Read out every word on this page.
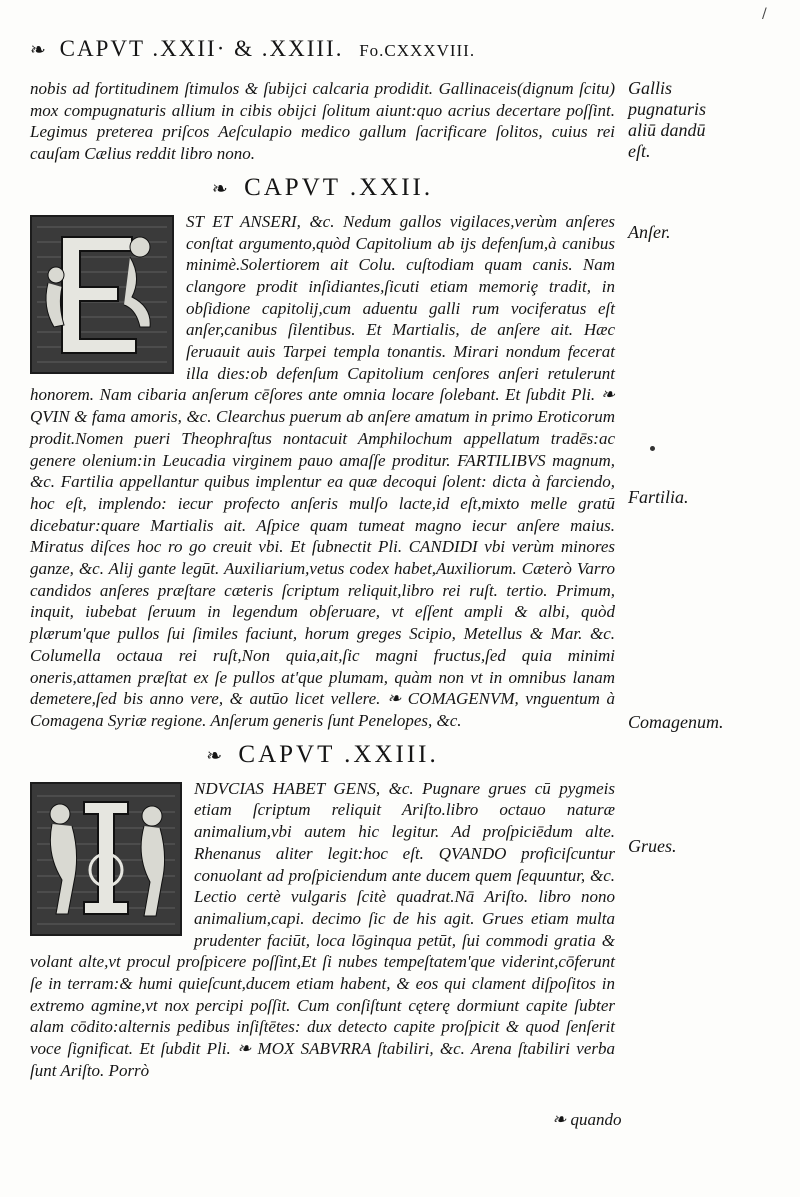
/
❧ CAPVT .XXII· & .XXIII. Fo.CXXXVIII.

nobis ad fortitudinem ſtimulos & ſubijci calcaria prodidit. Gallinaceis(dignum ſcitu) mox compugnaturis allium in cibis obijci ſolitum aiunt:quo acrius decertare poſſint. Legimus preterea priſcos Aeſculapio medico gallum ſacrificare ſolitos, cuius rei cauſam Cælius reddit libro nono.

❧ CAPVT .XXII.

ST ET ANSERI, &c. Nedum gallos vigilaces,verùm anſeres conſtat argumento,quòd Capitolium ab ijs defenſum,à canibus minimè.Solertiorem ait Colu. cuſtodiam quam canis. Nam clangore prodit inſidiantes,ſicuti etiam memoriȩ tradit, in obſidione capitolij,cum aduentu galli rum vociferatus eſt anſer,canibus ſilentibus. Et Martialis, de anſere ait. Hæc ſeruauit auis Tarpei templa tonantis. Mirari nondum fecerat illa dies:ob defenſum Capitolium cenſores anſeri retulerunt honorem. Nam cibaria anſerum cēſores ante omnia locare ſolebant. Et ſubdit Pli. ❧ QVIN & fama amoris, &c. Clearchus puerum ab anſere amatum in primo Eroticorum prodit.Nomen pueri Theophraſtus nontacuit Amphilochum appellatum tradēs:ac genere olenium:in Leucadia virginem pauo amaſſe proditur. FARTILIBVS magnum, &c. Fartilia appellantur quibus implentur ea quæ decoqui ſolent: dicta à farciendo, hoc eſt, implendo: iecur profecto anſeris mulſo lacte,id eſt,mixto melle gratū dicebatur:quare Martialis ait. Aſpice quam tumeat magno iecur anſere maius. Miratus diſces hoc ro go creuit vbi. Et ſubnectit Pli. CANDIDI vbi verùm minores ganze, &c. Alij gante legūt. Auxiliarium,vetus codex habet,Auxiliorum. Cæterò Varro candidos anſeres præſtare cæteris ſcriptum reliquit,libro rei ruſt. tertio. Primum, inquit, iubebat ſeruum in legendum obſeruare, vt eſſent ampli & albi, quòd plærum'que pullos ſui ſimiles faciunt, horum greges Scipio, Metellus & Mar. &c. Columella octaua rei ruſt,Non quia,ait,ſic magni fructus,ſed quia minimi oneris,attamen præſtat ex ſe pullos at'que plumam, quàm non vt in omnibus lanam demetere,ſed bis anno vere, & autūo licet vellere. ❧ COMAGENVM, vnguentum à Comagena Syriæ regione. Anſerum generis ſunt Penelopes, &c.

❧ CAPVT .XXIII.

NDVCIAS HABET GENS, &c. Pugnare grues cū pygmeis etiam ſcriptum reliquit Ariſto.libro octauo naturæ animalium,vbi autem hic legitur. Ad proſpiciēdum alte. Rhenanus aliter legit:hoc eſt. QVANDO proficiſcuntur conuolant ad proſpiciendum ante ducem quem ſequuntur, &c. Lectio certè vulgaris ſcitè quadrat.Nā Ariſto. libro nono animalium,capi. decimo ſic de his agit. Grues etiam multa prudenter faciūt, loca lōginqua petūt, ſui commodi gratia & volant alte,vt procul proſpicere poſſint,Et ſi nubes tempeſtatem'que viderint,cōferunt ſe in terram:& humi quieſcunt,ducem etiam habent, & eos qui clament diſpoſitos in extremo agmine,vt nox percipi poſſit. Cum conſiſtunt cęterę dormiunt capite ſubter alam cōdito:alternis pedibus inſiſtētes: dux detecto capite proſpicit & quod ſenſerit voce ſignificat. Et ſubdit Pli. ❧ MOX SABVRRA ſtabiliri, &c. Arena ſtabiliri verba ſunt Ariſto. Porrò

❧ quando
Gallis pugnaturis aliū dandū eſt.
Anſer.
Fartilia.
Comagenum.
Grues.
